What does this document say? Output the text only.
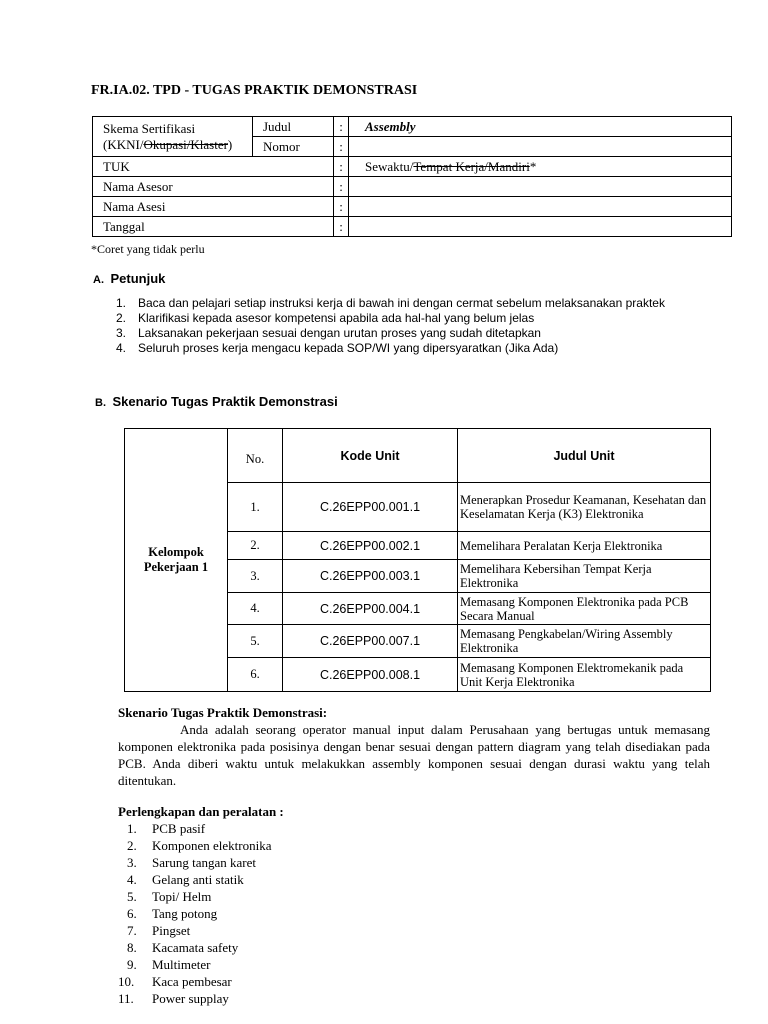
FR.IA.02. TPD - TUGAS PRAKTIK DEMONSTRASI
Skema Sertifikasi
(KKNI/Okupasi/Klaster)	Judul	:	Assembly
	Nomor	:	
TUK		:	Sewaktu/Tempat Kerja/Mandiri*
Nama Asesor		:	
Nama Asesi		:	
Tanggal		:	
*Coret yang tidak perlu
A. Petunjuk
1. Baca dan pelajari setiap instruksi kerja di bawah ini dengan cermat sebelum melaksanakan praktek
2. Klarifikasi kepada asesor kompetensi apabila ada hal-hal yang belum jelas
3. Laksanakan pekerjaan sesuai dengan urutan proses yang sudah ditetapkan
4. Seluruh proses kerja mengacu kepada SOP/WI yang dipersyaratkan (Jika Ada)
B. Skenario Tugas Praktik Demonstrasi
Kelompok
Pekerjaan 1	No.	Kode Unit	Judul Unit
	1.	C.26EPP00.001.1	Menerapkan Prosedur Keamanan, Kesehatan dan Keselamatan Kerja (K3) Elektronika
	2.	C.26EPP00.002.1	Memelihara Peralatan Kerja Elektronika
	3.	C.26EPP00.003.1	Memelihara Kebersihan Tempat Kerja Elektronika
	4.	C.26EPP00.004.1	Memasang Komponen Elektronika pada PCB Secara Manual
	5.	C.26EPP00.007.1	Memasang Pengkabelan/Wiring Assembly Elektronika
	6.	C.26EPP00.008.1	Memasang Komponen Elektromekanik pada Unit Kerja Elektronika
Skenario Tugas Praktik Demonstrasi:
Anda adalah seorang operator manual input dalam Perusahaan yang bertugas untuk memasang komponen elektronika pada posisinya dengan benar sesuai dengan pattern diagram yang telah disediakan pada PCB. Anda diberi waktu untuk melakukkan assembly komponen sesuai dengan durasi waktu yang telah ditentukan.
Perlengkapan dan peralatan :
1. PCB pasif
2. Komponen elektronika
3. Sarung tangan karet
4. Gelang anti statik
5. Topi/ Helm
6. Tang potong
7. Pingset
8. Kacamata safety
9. Multimeter
10. Kaca pembesar
11. Power supplay
